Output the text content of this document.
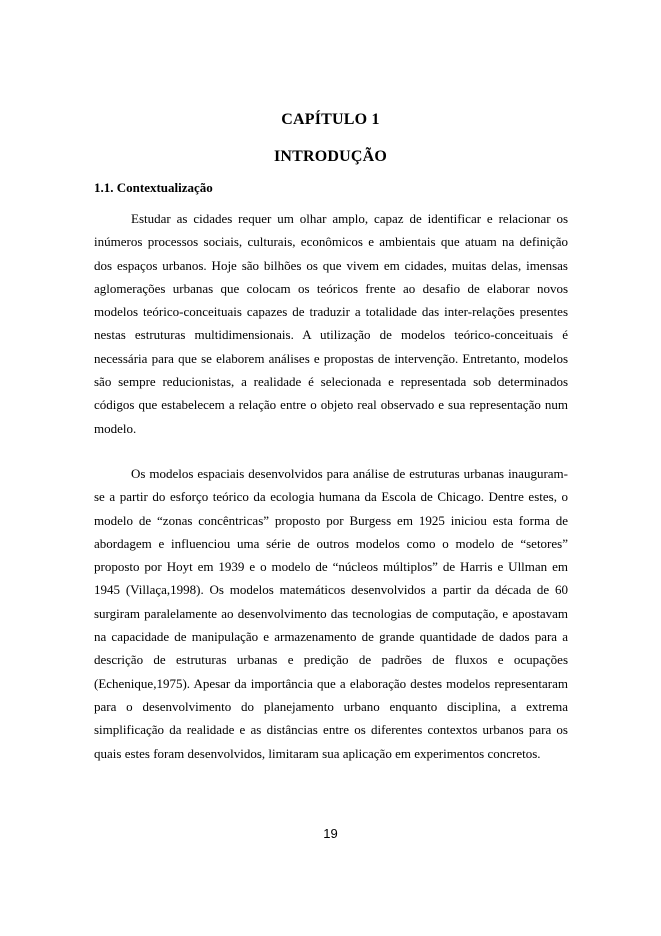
CAPÍTULO 1
INTRODUÇÃO
1.1. Contextualização

Estudar as cidades requer um olhar amplo, capaz de identificar e relacionar os inúmeros processos sociais, culturais, econômicos e ambientais que atuam na definição dos espaços urbanos. Hoje são bilhões os que vivem em cidades, muitas delas, imensas aglomerações urbanas que colocam os teóricos frente ao desafio de elaborar novos modelos teórico-conceituais capazes de traduzir a totalidade das inter-relações presentes nestas estruturas multidimensionais. A utilização de modelos teórico-conceituais é necessária para que se elaborem análises e propostas de intervenção. Entretanto, modelos são sempre reducionistas, a realidade é selecionada e representada sob determinados códigos que estabelecem a relação entre o objeto real observado e sua representação num modelo.

Os modelos espaciais desenvolvidos para análise de estruturas urbanas inauguram-se a partir do esforço teórico da ecologia humana da Escola de Chicago. Dentre estes, o modelo de “zonas concêntricas” proposto por Burgess em 1925 iniciou esta forma de abordagem e influenciou uma série de outros modelos como o modelo de “setores” proposto por Hoyt em 1939 e o modelo de “núcleos múltiplos” de Harris e Ullman em 1945 (Villaça,1998). Os modelos matemáticos desenvolvidos a partir da década de 60 surgiram paralelamente ao desenvolvimento das tecnologias de computação, e apostavam na capacidade de manipulação e armazenamento de grande quantidade de dados para a descrição de estruturas urbanas e predição de padrões de fluxos e ocupações (Echenique,1975). Apesar da importância que a elaboração destes modelos representaram para o desenvolvimento do planejamento urbano enquanto disciplina, a extrema simplificação da realidade e as distâncias entre os diferentes contextos urbanos para os quais estes foram desenvolvidos, limitaram sua aplicação em experimentos concretos.

19
